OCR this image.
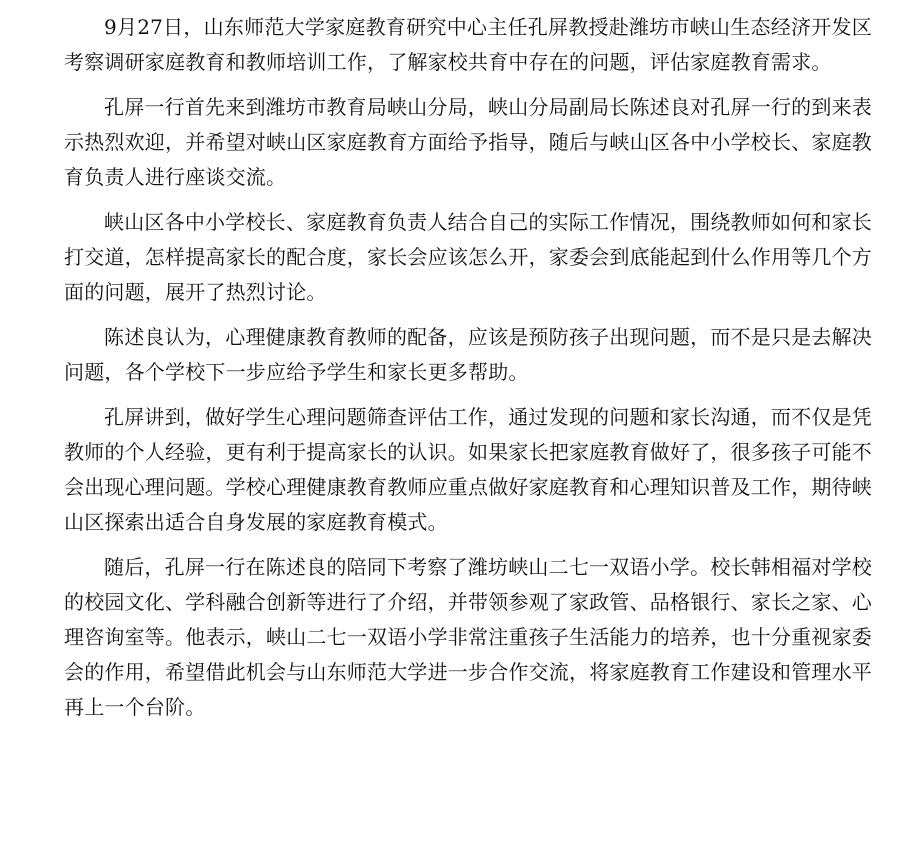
9月27日，山东师范大学家庭教育研究中心主任孔屏教授赴潍坊市峡山生态经济开发区考察调研家庭教育和教师培训工作，了解家校共育中存在的问题，评估家庭教育需求。

孔屏一行首先来到潍坊市教育局峡山分局，峡山分局副局长陈述良对孔屏一行的到来表示热烈欢迎，并希望对峡山区家庭教育方面给予指导，随后与峡山区各中小学校长、家庭教育负责人进行座谈交流。

峡山区各中小学校长、家庭教育负责人结合自己的实际工作情况，围绕教师如何和家长打交道，怎样提高家长的配合度，家长会应该怎么开，家委会到底能起到什么作用等几个方面的问题，展开了热烈讨论。

陈述良认为，心理健康教育教师的配备，应该是预防孩子出现问题，而不是只是去解决问题，各个学校下一步应给予学生和家长更多帮助。

孔屏讲到，做好学生心理问题筛查评估工作，通过发现的问题和家长沟通，而不仅是凭教师的个人经验，更有利于提高家长的认识。如果家长把家庭教育做好了，很多孩子可能不会出现心理问题。学校心理健康教育教师应重点做好家庭教育和心理知识普及工作，期待峡山区探索出适合自身发展的家庭教育模式。

随后，孔屏一行在陈述良的陪同下考察了潍坊峡山二七一双语小学。校长韩相福对学校的校园文化、学科融合创新等进行了介绍，并带领参观了家政管、品格银行、家长之家、心理咨询室等。他表示，峡山二七一双语小学非常注重孩子生活能力的培养，也十分重视家委会的作用，希望借此机会与山东师范大学进一步合作交流，将家庭教育工作建设和管理水平再上一个台阶。
